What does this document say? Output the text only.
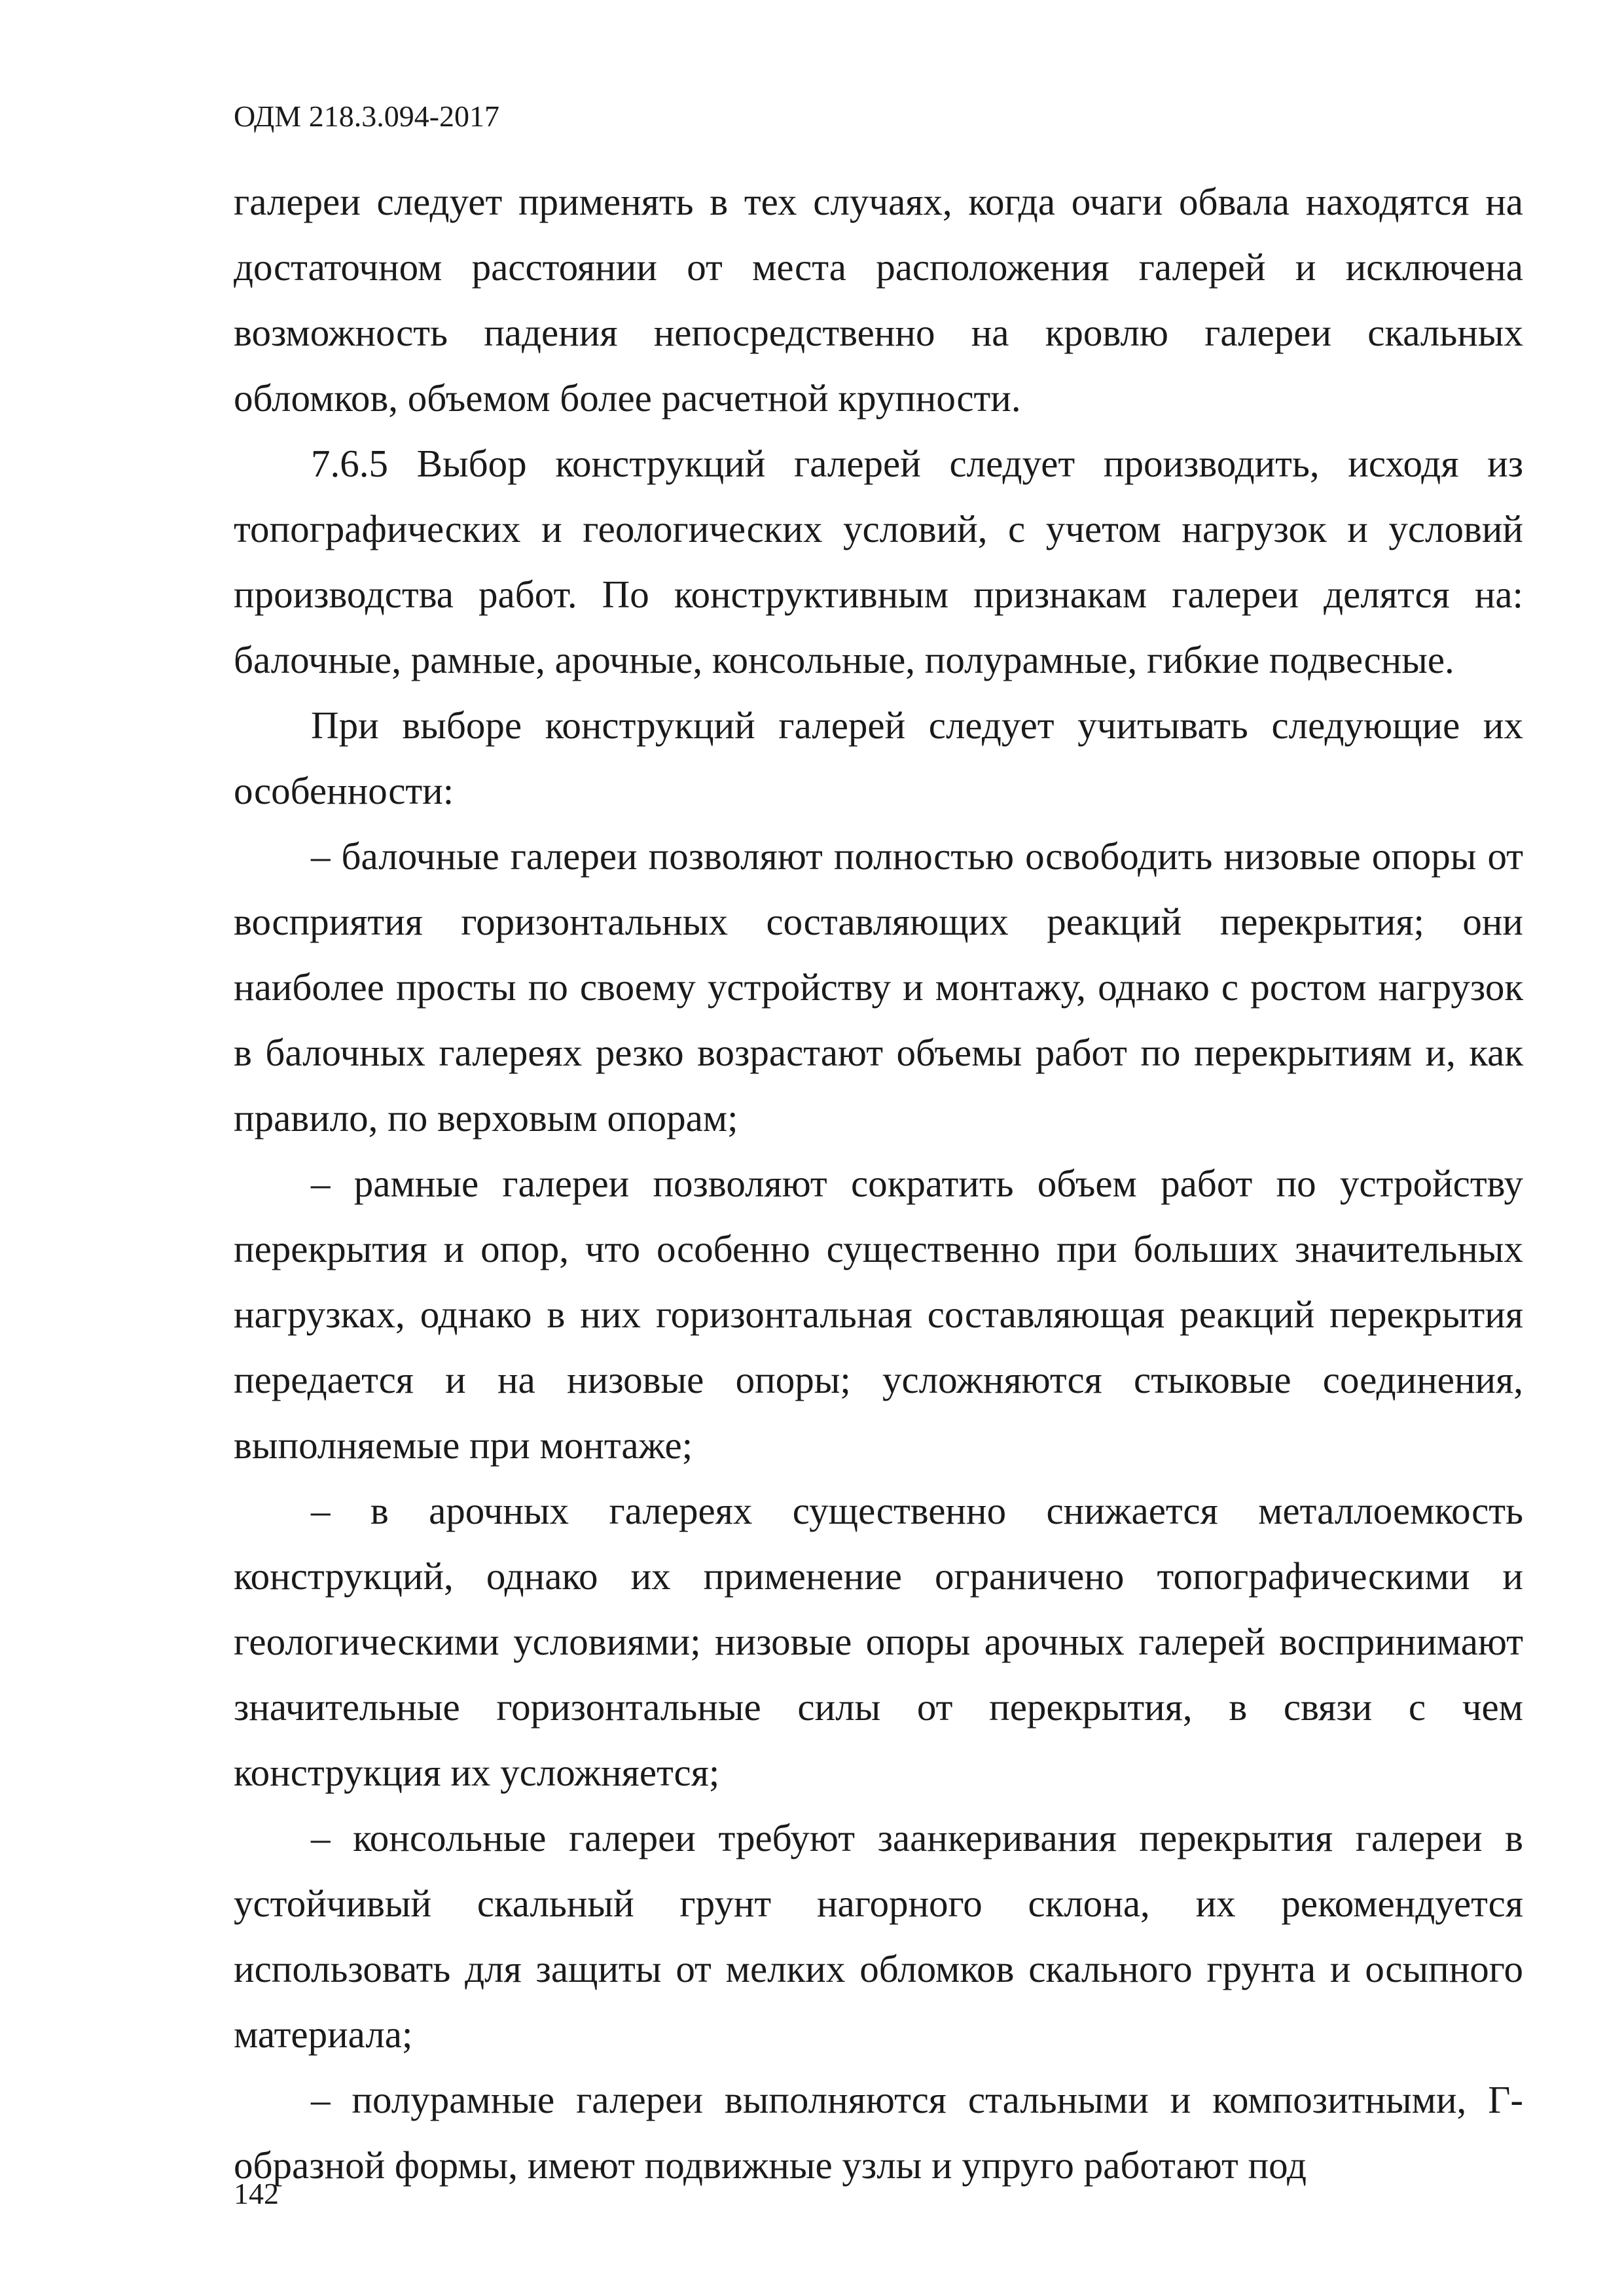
ОДМ 218.3.094-2017

галереи следует применять в тех случаях, когда очаги обвала находятся на достаточном расстоянии от места расположения галерей и исключена возможность падения непосредственно на кровлю галереи скальных обломков, объемом более расчетной крупности.

7.6.5 Выбор конструкций галерей следует производить, исходя из топографических и геологических условий, с учетом нагрузок и условий производства работ. По конструктивным признакам галереи делятся на: балочные, рамные, арочные, консольные, полурамные, гибкие подвесные.

При выборе конструкций галерей следует учитывать следующие их особенности:

– балочные галереи позволяют полностью освободить низовые опоры от восприятия горизонтальных составляющих реакций перекрытия; они наиболее просты по своему устройству и монтажу, однако с ростом нагрузок в балочных галереях резко возрастают объемы работ по перекрытиям и, как правило, по верховым опорам;

– рамные галереи позволяют сократить объем работ по устройству перекрытия и опор, что особенно существенно при больших значительных нагрузках, однако в них горизонтальная составляющая реакций перекрытия передается и на низовые опоры; усложняются стыковые соединения, выполняемые при монтаже;

– в арочных галереях существенно снижается металлоемкость конструкций, однако их применение ограничено топографическими и геологическими условиями; низовые опоры арочных галерей воспринимают значительные горизонтальные силы от перекрытия, в связи с чем конструкция их усложняется;

– консольные галереи требуют заанкеривания перекрытия галереи в устойчивый скальный грунт нагорного склона, их рекомендуется использовать для защиты от мелких обломков скального грунта и осыпного материала;

– полурамные галереи выполняются стальными и композитными, Г-образной формы, имеют подвижные узлы и упруго работают под

142
